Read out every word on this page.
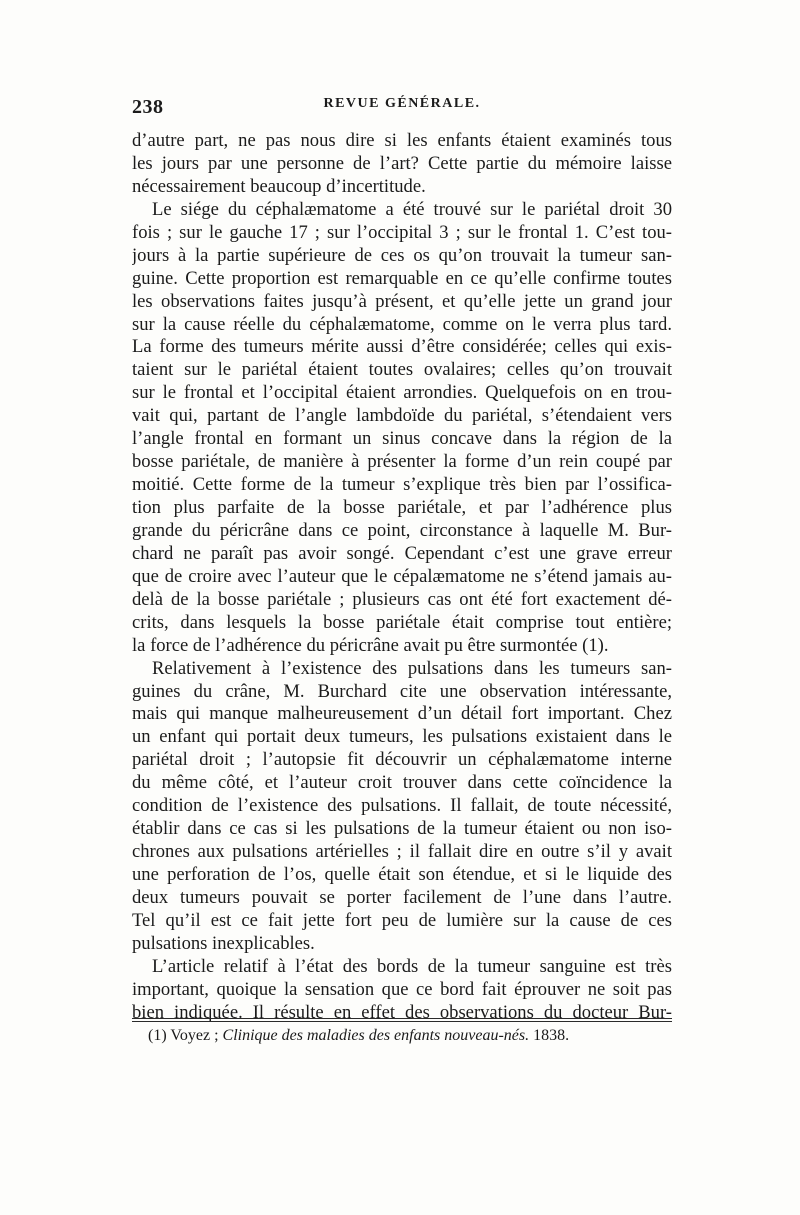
238	REVUE GÉNÉRALE.
d’autre part, ne pas nous dire si les enfants étaient examinés tous
les jours par une personne de l’art? Cette partie du mémoire laisse
nécessairement beaucoup d’incertitude.
Le siége du céphalæmatome a été trouvé sur le pariétal droit 30
fois ; sur le gauche 17 ; sur l’occipital 3 ; sur le frontal 1. C’est tou-
jours à la partie supérieure de ces os qu’on trouvait la tumeur san-
guine. Cette proportion est remarquable en ce qu’elle confirme toutes
les observations faites jusqu’à présent, et qu’elle jette un grand jour
sur la cause réelle du céphalæmatome, comme on le verra plus tard.
La forme des tumeurs mérite aussi d’être considérée; celles qui exis-
taient sur le pariétal étaient toutes ovalaires; celles qu’on trouvait
sur le frontal et l’occipital étaient arrondies. Quelquefois on en trou-
vait qui, partant de l’angle lambdoïde du pariétal, s’étendaient vers
l’angle frontal en formant un sinus concave dans la région de la
bosse pariétale, de manière à présenter la forme d’un rein coupé par
moitié. Cette forme de la tumeur s’explique très bien par l’ossifica-
tion plus parfaite de la bosse pariétale, et par l’adhérence plus
grande du péricrâne dans ce point, circonstance à laquelle M. Bur-
chard ne paraît pas avoir songé. Cependant c’est une grave erreur
que de croire avec l’auteur que le cépalæmatome ne s’étend jamais au-
delà de la bosse pariétale ; plusieurs cas ont été fort exactement dé-
crits, dans lesquels la bosse pariétale était comprise tout entière;
la force de l’adhérence du péricrâne avait pu être surmontée (1).
Relativement à l’existence des pulsations dans les tumeurs san-
guines du crâne, M. Burchard cite une observation intéressante,
mais qui manque malheureusement d’un détail fort important. Chez
un enfant qui portait deux tumeurs, les pulsations existaient dans le
pariétal droit ; l’autopsie fit découvrir un céphalæmatome interne
du même côté, et l’auteur croit trouver dans cette coïncidence la
condition de l’existence des pulsations. Il fallait, de toute nécessité,
établir dans ce cas si les pulsations de la tumeur étaient ou non iso-
chrones aux pulsations artérielles ; il fallait dire en outre s’il y avait
une perforation de l’os, quelle était son étendue, et si le liquide des
deux tumeurs pouvait se porter facilement de l’une dans l’autre.
Tel qu’il est ce fait jette fort peu de lumière sur la cause de ces
pulsations inexplicables.
L’article relatif à l’état des bords de la tumeur sanguine est très
important, quoique la sensation que ce bord fait éprouver ne soit pas
bien indiquée. Il résulte en effet des observations du docteur Bur-
(1) Voyez ; Clinique des maladies des enfants nouveau-nés. 1838.
